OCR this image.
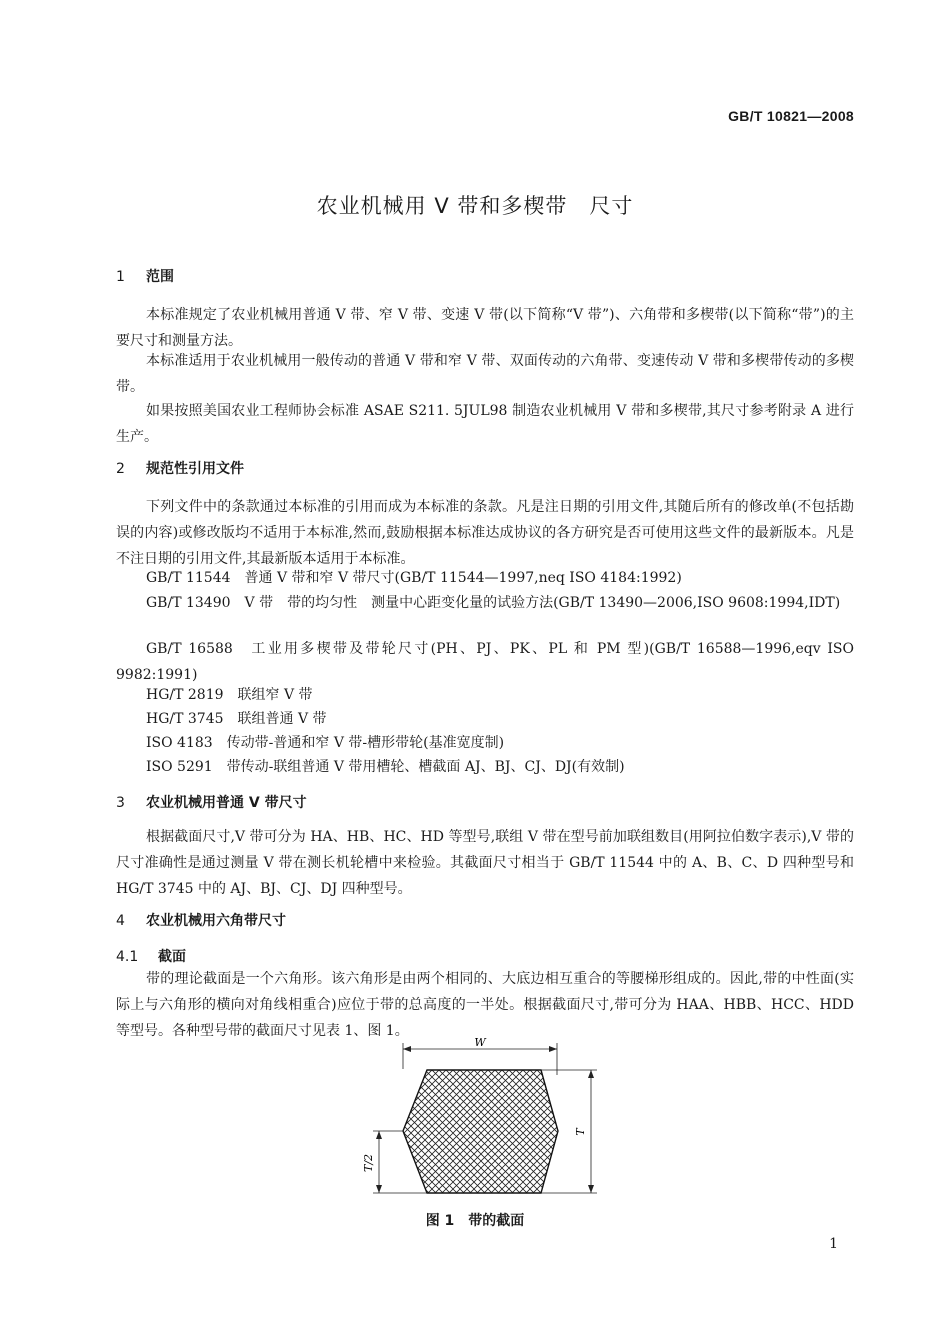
GB/T 10821—2008
农业机械用 V 带和多楔带　尺寸
1 范围
本标准规定了农业机械用普通 V 带、窄 V 带、变速 V 带(以下简称“V 带”)、六角带和多楔带(以下简称“带”)的主要尺寸和测量方法。
本标准适用于农业机械用一般传动的普通 V 带和窄 V 带、双面传动的六角带、变速传动 V 带和多楔带传动的多楔带。
如果按照美国农业工程师协会标准 ASAE S211. 5JUL98 制造农业机械用 V 带和多楔带,其尺寸参考附录 A 进行生产。
2 规范性引用文件
下列文件中的条款通过本标准的引用而成为本标准的条款。凡是注日期的引用文件,其随后所有的修改单(不包括勘误的内容)或修改版均不适用于本标准,然而,鼓励根据本标准达成协议的各方研究是否可使用这些文件的最新版本。凡是不注日期的引用文件,其最新版本适用于本标准。
GB/T 11544　普通 V 带和窄 V 带尺寸(GB/T 11544—1997,neq ISO 4184:1992)
GB/T 13490　V 带　带的均匀性　测量中心距变化量的试验方法(GB/T 13490—2006,ISO 9608:1994,IDT)
GB/T 16588　工业用多楔带及带轮尺寸(PH、PJ、PK、PL 和 PM 型)(GB/T 16588—1996,eqv ISO 9982:1991)
HG/T 2819　联组窄 V 带
HG/T 3745　联组普通 V 带
ISO 4183　传动带-普通和窄 V 带-槽形带轮(基准宽度制)
ISO 5291　带传动-联组普通 V 带用槽轮、槽截面 AJ、BJ、CJ、DJ(有效制)
3 农业机械用普通 V 带尺寸
根据截面尺寸,V 带可分为 HA、HB、HC、HD 等型号,联组 V 带在型号前加联组数目(用阿拉伯数字表示),V 带的尺寸准确性是通过测量 V 带在测长机轮槽中来检验。其截面尺寸相当于 GB/T 11544 中的 A、B、C、D 四种型号和 HG/T 3745 中的 AJ、BJ、CJ、DJ 四种型号。
4 农业机械用六角带尺寸
4.1 截面
带的理论截面是一个六角形。该六角形是由两个相同的、大底边相互重合的等腰梯形组成的。因此,带的中性面(实际上与六角形的横向对角线相重合)应位于带的总高度的一半处。根据截面尺寸,带可分为 HAA、HBB、HCC、HDD 等型号。各种型号带的截面尺寸见表 1、图 1。
W
T
T/2
图 1　带的截面
1
